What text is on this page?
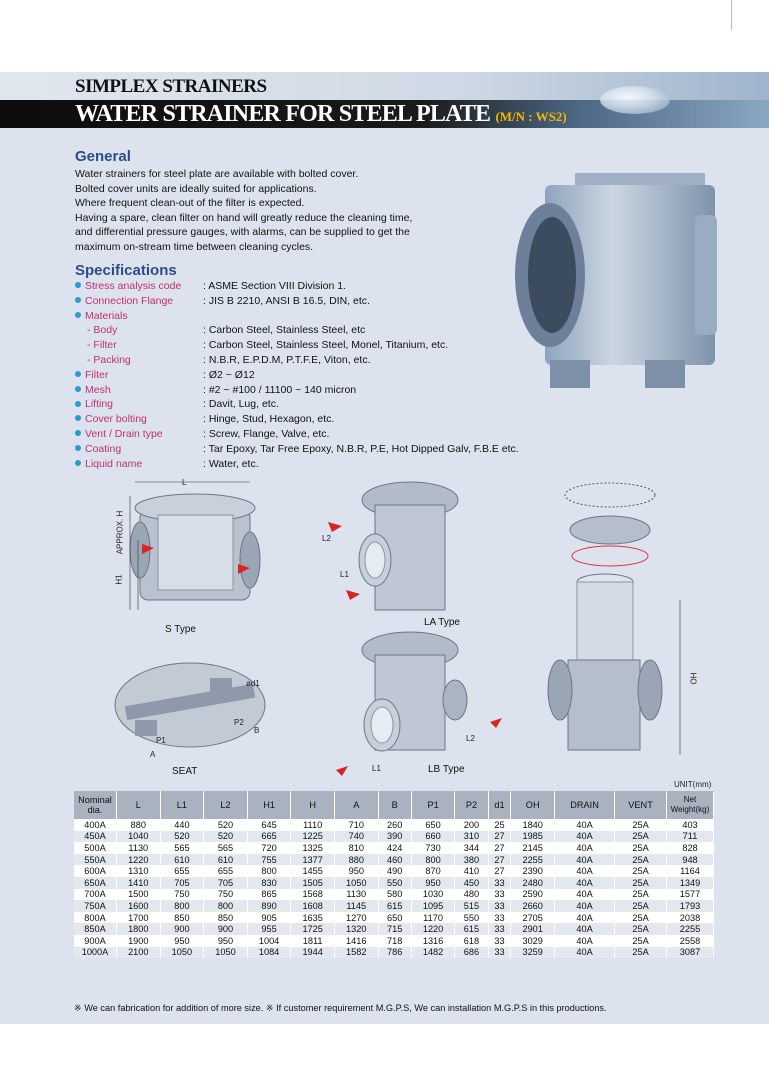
SIMPLEX STRAINERS
WATER STRAINER FOR STEEL PLATE (M/N : WS2)
General
Water strainers for steel plate are available with bolted cover.
Bolted cover units are ideally suited for applications.
Where frequent clean-out of the filter is expected.
Having a spare, clean filter on hand will greatly reduce the cleaning time,
and differential pressure gauges, with alarms, can be supplied to get the
maximum on-stream time between cleaning cycles.
Specifications
Stress analysis code : ASME Section VIII Division 1.
Connection Flange	: JIS B 2210, ANSI B 16.5, DIN, etc.
Materials
- Body	: Carbon Steel, Stainless Steel, etc
- Filter	: Carbon Steel, Stainless Steel, Monel, Titanium, etc.
- Packing	: N.B.R, E.P.D.M, P.T.F.E, Viton, etc.
Filter	: Ø2 ~ Ø12
Mesh	: #2 ~ #100 / 11100 ~ 140 micron
Lifting	: Davit, Lug, etc.
Cover bolting	: Hinge, Stud, Hexagon, etc.
Vent / Drain type	: Screw, Flange, Valve, etc.
Coating	: Tar Epoxy, Tar Free Epoxy, N.B.R, P.E, Hot Dipped Galv, F.B.E etc.
Liquid name	: Water, etc.
L
APPROX. H
H1
L2
L1
L2
L1
ød1
P2
B
P1
A
OH
S Type
LA Type
LB Type
SEAT
UNIT(mm)
Nominal dia.	L	L1	L2	H1	H	A	B	P1	P2	d1	OH	DRAIN	VENT	Net Weight(kg)
400A	880	440	520	645	1110	710	260	650	200	25	1840	40A	25A	403
450A	1040	520	520	665	1225	740	390	660	310	27	1985	40A	25A	711
500A	1130	565	565	720	1325	810	424	730	344	27	2145	40A	25A	828
550A	1220	610	610	755	1377	880	460	800	380	27	2255	40A	25A	948
600A	1310	655	655	800	1455	950	490	870	410	27	2390	40A	25A	1164
650A	1410	705	705	830	1505	1050	550	950	450	33	2480	40A	25A	1349
700A	1500	750	750	865	1568	1130	580	1030	480	33	2590	40A	25A	1577
750A	1600	800	800	890	1608	1145	615	1095	515	33	2660	40A	25A	1793
800A	1700	850	850	905	1635	1270	650	1170	550	33	2705	40A	25A	2038
850A	1800	900	900	955	1725	1320	715	1220	615	33	2901	40A	25A	2255
900A	1900	950	950	1004	1811	1416	718	1316	618	33	3029	40A	25A	2558
1000A	2100	1050	1050	1084	1944	1582	786	1482	686	33	3259	40A	25A	3087
※ We can fabrication for addition of more size. ※ If customer requirement M.G.P.S, We can installation M.G.P.S in this productions.
